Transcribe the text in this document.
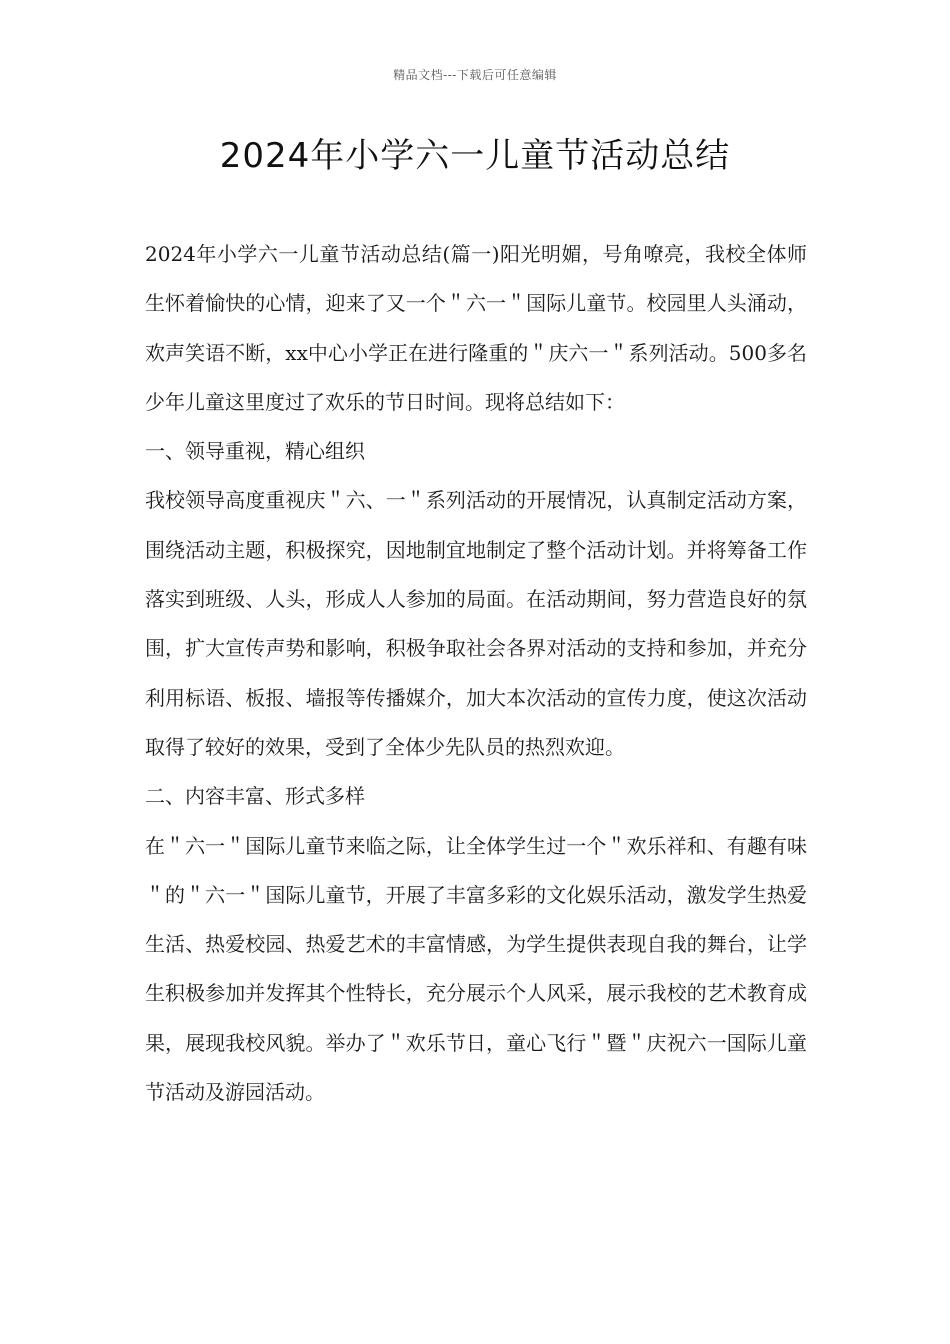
精品文档---下载后可任意编辑
2024年小学六一儿童节活动总结

2024年小学六一儿童节活动总结(篇一)阳光明媚，号角嘹亮，我校全体师生怀着愉快的心情，迎来了又一个＂六一＂国际儿童节。校园里人头涌动，欢声笑语不断，xx中心小学正在进行隆重的＂庆六一＂系列活动。500多名少年儿童这里度过了欢乐的节日时间。现将总结如下：

一、领导重视，精心组织

我校领导高度重视庆＂六、一＂系列活动的开展情况，认真制定活动方案，围绕活动主题，积极探究，因地制宜地制定了整个活动计划。并将筹备工作落实到班级、人头，形成人人参加的局面。在活动期间，努力营造良好的氛围，扩大宣传声势和影响，积极争取社会各界对活动的支持和参加，并充分利用标语、板报、墙报等传播媒介，加大本次活动的宣传力度，使这次活动取得了较好的效果，受到了全体少先队员的热烈欢迎。

二、内容丰富、形式多样

在＂六一＂国际儿童节来临之际，让全体学生过一个＂欢乐祥和、有趣有味＂的＂六一＂国际儿童节，开展了丰富多彩的文化娱乐活动，激发学生热爱生活、热爱校园、热爱艺术的丰富情感，为学生提供表现自我的舞台，让学生积极参加并发挥其个性特长，充分展示个人风采，展示我校的艺术教育成果，展现我校风貌。举办了＂欢乐节日，童心飞行＂暨＂庆祝六一国际儿童节活动及游园活动。
